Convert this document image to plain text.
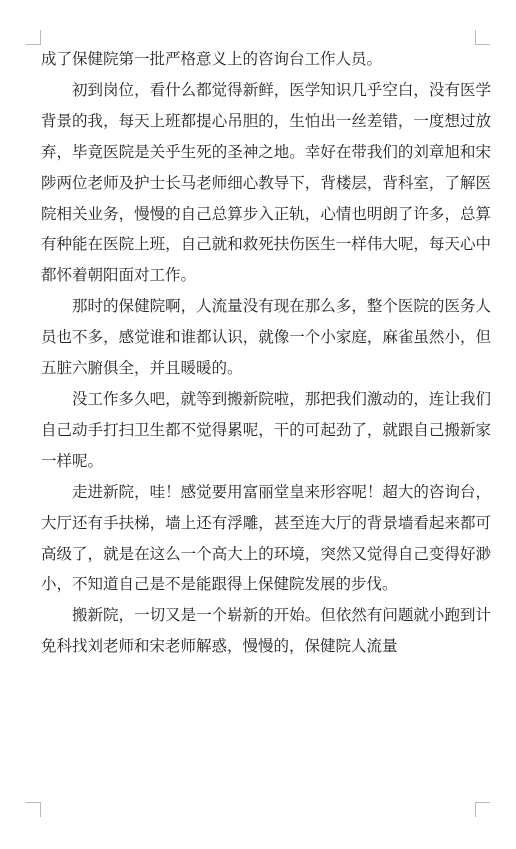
成了保健院第一批严格意义上的咨询台工作人员。

初到岗位，看什么都觉得新鲜，医学知识几乎空白，没有医学背景的我，每天上班都提心吊胆的，生怕出一丝差错，一度想过放弃，毕竟医院是关乎生死的圣神之地。幸好在带我们的刘章旭和宋陟两位老师及护士长马老师细心教导下，背楼层，背科室，了解医院相关业务，慢慢的自己总算步入正轨，心情也明朗了许多，总算有种能在医院上班，自己就和救死扶伤医生一样伟大呢，每天心中都怀着朝阳面对工作。

那时的保健院啊，人流量没有现在那么多，整个医院的医务人员也不多，感觉谁和谁都认识，就像一个小家庭，麻雀虽然小，但五脏六腑俱全，并且暖暖的。

没工作多久吧，就等到搬新院啦，那把我们激动的，连让我们自己动手打扫卫生都不觉得累呢，干的可起劲了，就跟自己搬新家一样呢。

走进新院，哇！感觉要用富丽堂皇来形容呢！超大的咨询台，大厅还有手扶梯，墙上还有浮雕，甚至连大厅的背景墙看起来都可高级了，就是在这么一个高大上的环境，突然又觉得自己变得好渺小，不知道自己是不是能跟得上保健院发展的步伐。

搬新院，一切又是一个崭新的开始。但依然有问题就小跑到计免科找刘老师和宋老师解惑，慢慢的，保健院人流量
